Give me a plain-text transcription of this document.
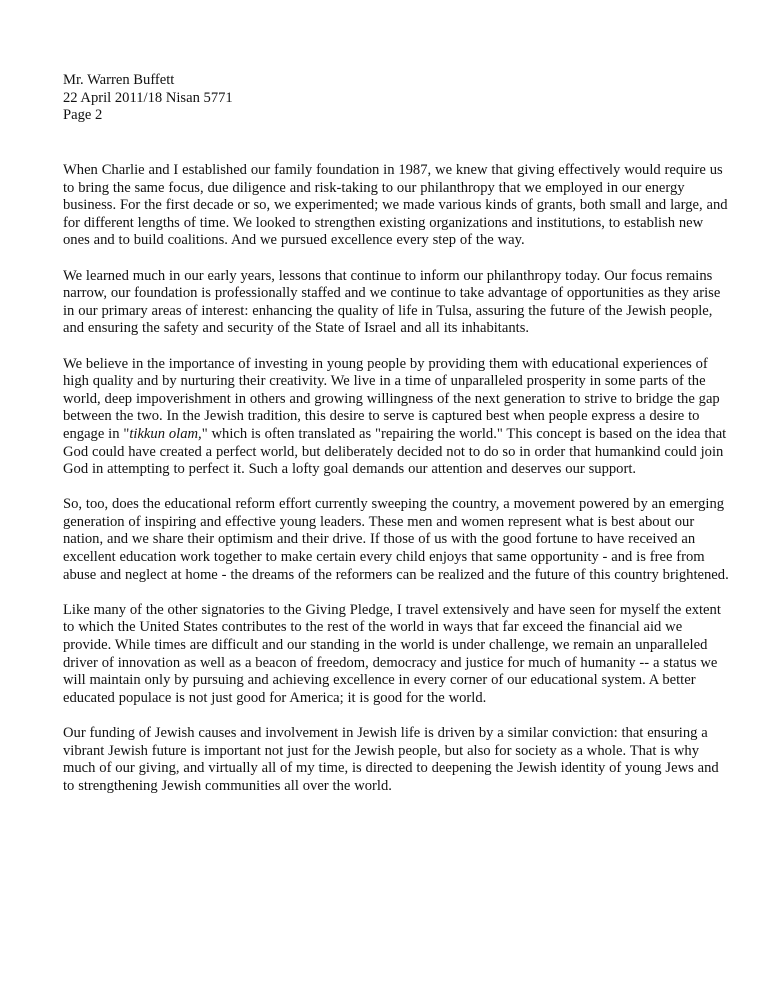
Mr. Warren Buffett
22 April 2011/18 Nisan 5771
Page 2

When Charlie and I established our family foundation in 1987, we knew that giving effectively would require us to bring the same focus, due diligence and risk-taking to our philanthropy that we employed in our energy business. For the first decade or so, we experimented; we made various kinds of grants, both small and large, and for different lengths of time. We looked to strengthen existing organizations and institutions, to establish new ones and to build coalitions. And we pursued excellence every step of the way.

We learned much in our early years, lessons that continue to inform our philanthropy today. Our focus remains narrow, our foundation is professionally staffed and we continue to take advantage of opportunities as they arise in our primary areas of interest: enhancing the quality of life in Tulsa, assuring the future of the Jewish people, and ensuring the safety and security of the State of Israel and all its inhabitants.

We believe in the importance of investing in young people by providing them with educational experiences of high quality and by nurturing their creativity. We live in a time of unparalleled prosperity in some parts of the world, deep impoverishment in others and growing willingness of the next generation to strive to bridge the gap between the two. In the Jewish tradition, this desire to serve is captured best when people express a desire to engage in "tikkun olam," which is often translated as "repairing the world." This concept is based on the idea that God could have created a perfect world, but deliberately decided not to do so in order that humankind could join God in attempting to perfect it. Such a lofty goal demands our attention and deserves our support.

So, too, does the educational reform effort currently sweeping the country, a movement powered by an emerging generation of inspiring and effective young leaders. These men and women represent what is best about our nation, and we share their optimism and their drive. If those of us with the good fortune to have received an excellent education work together to make certain every child enjoys that same opportunity - and is free from abuse and neglect at home - the dreams of the reformers can be realized and the future of this country brightened.

Like many of the other signatories to the Giving Pledge, I travel extensively and have seen for myself the extent to which the United States contributes to the rest of the world in ways that far exceed the financial aid we provide. While times are difficult and our standing in the world is under challenge, we remain an unparalleled driver of innovation as well as a beacon of freedom, democracy and justice for much of humanity -- a status we will maintain only by pursuing and achieving excellence in every corner of our educational system. A better educated populace is not just good for America; it is good for the world.

Our funding of Jewish causes and involvement in Jewish life is driven by a similar conviction: that ensuring a vibrant Jewish future is important not just for the Jewish people, but also for society as a whole. That is why much of our giving, and virtually all of my time, is directed to deepening the Jewish identity of young Jews and to strengthening Jewish communities all over the world.
